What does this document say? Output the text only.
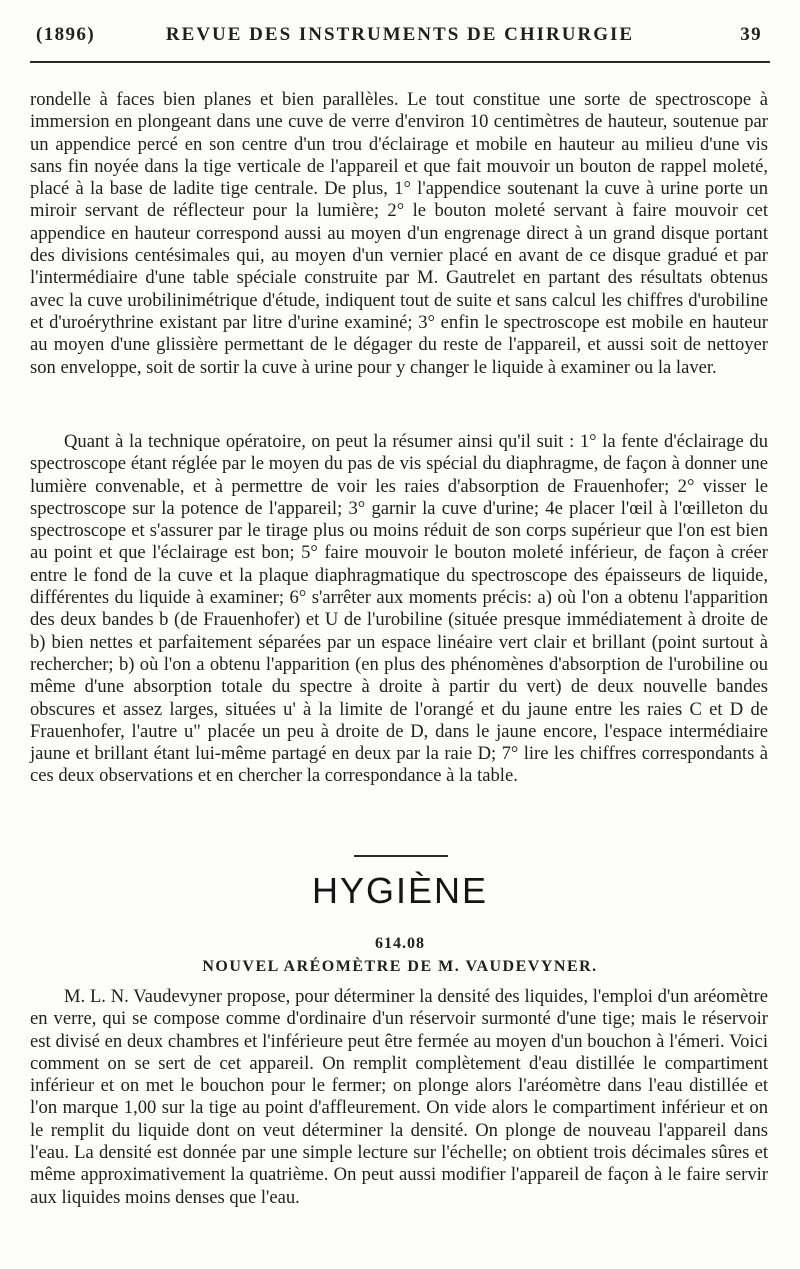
(1896)	REVUE DES INSTRUMENTS DE CHIRURGIE	39

rondelle à faces bien planes et bien parallèles. Le tout constitue une sorte de spectroscope à immersion en plongeant dans une cuve de verre d'environ 10 centimètres de hauteur, soutenue par un appendice percé en son centre d'un trou d'éclairage et mobile en hauteur au milieu d'une vis sans fin noyée dans la tige verticale de l'appareil et que fait mouvoir un bouton de rappel moleté, placé à la base de ladite tige centrale. De plus, 1° l'appendice soutenant la cuve à urine porte un miroir servant de réflecteur pour la lumière; 2° le bouton moleté servant à faire mouvoir cet appendice en hauteur correspond aussi au moyen d'un engrenage direct à un grand disque portant des divisions centésimales qui, au moyen d'un vernier placé en avant de ce disque gradué et par l'intermédiaire d'une table spéciale construite par M. Gautrelet en partant des résultats obtenus avec la cuve urobilinimétrique d'étude, indiquent tout de suite et sans calcul les chiffres d'urobiline et d'uroérythrine existant par litre d'urine examiné; 3° enfin le spectroscope est mobile en hauteur au moyen d'une glissière permettant de le dégager du reste de l'appareil, et aussi soit de nettoyer son enveloppe, soit de sortir la cuve à urine pour y changer le liquide à examiner ou la laver.

Quant à la technique opératoire, on peut la résumer ainsi qu'il suit : 1° la fente d'éclairage du spectroscope étant réglée par le moyen du pas de vis spécial du diaphragme, de façon à donner une lumière convenable, et à permettre de voir les raies d'absorption de Frauenhofer; 2° visser le spectroscope sur la potence de l'appareil; 3° garnir la cuve d'urine; 4e placer l'œil à l'œilleton du spectroscope et s'assurer par le tirage plus ou moins réduit de son corps supérieur que l'on est bien au point et que l'éclairage est bon; 5° faire mouvoir le bouton moleté inférieur, de façon à créer entre le fond de la cuve et la plaque diaphragmatique du spectroscope des épaisseurs de liquide, différentes du liquide à examiner; 6° s'arrêter aux moments précis: a) où l'on a obtenu l'apparition des deux bandes b (de Frauenhofer) et U de l'urobiline (située presque immédiatement à droite de b) bien nettes et parfaitement séparées par un espace linéaire vert clair et brillant (point surtout à rechercher; b) où l'on a obtenu l'apparition (en plus des phénomènes d'absorption de l'urobiline ou même d'une absorption totale du spectre à droite à partir du vert) de deux nouvelle bandes obscures et assez larges, situées u' à la limite de l'orangé et du jaune entre les raies C et D de Frauenhofer, l'autre u" placée un peu à droite de D, dans le jaune encore, l'espace intermédiaire jaune et brillant étant lui-même partagé en deux par la raie D; 7° lire les chiffres correspondants à ces deux observations et en chercher la correspondance à la table.

HYGIÈNE
614.08
NOUVEL ARÉOMÈTRE DE M. VAUDEVYNER.

M. L. N. Vaudevyner propose, pour déterminer la densité des liquides, l'emploi d'un aréomètre en verre, qui se compose comme d'ordinaire d'un réservoir surmonté d'une tige; mais le réservoir est divisé en deux chambres et l'inférieure peut être fermée au moyen d'un bouchon à l'émeri. Voici comment on se sert de cet appareil. On remplit complètement d'eau distillée le compartiment inférieur et on met le bouchon pour le fermer; on plonge alors l'aréomètre dans l'eau distillée et l'on marque 1,00 sur la tige au point d'affleurement. On vide alors le compartiment inférieur et on le remplit du liquide dont on veut déterminer la densité. On plonge de nouveau l'appareil dans l'eau. La densité est donnée par une simple lecture sur l'échelle; on obtient trois décimales sûres et même approximativement la quatrième. On peut aussi modifier l'appareil de façon à le faire servir aux liquides moins denses que l'eau.
